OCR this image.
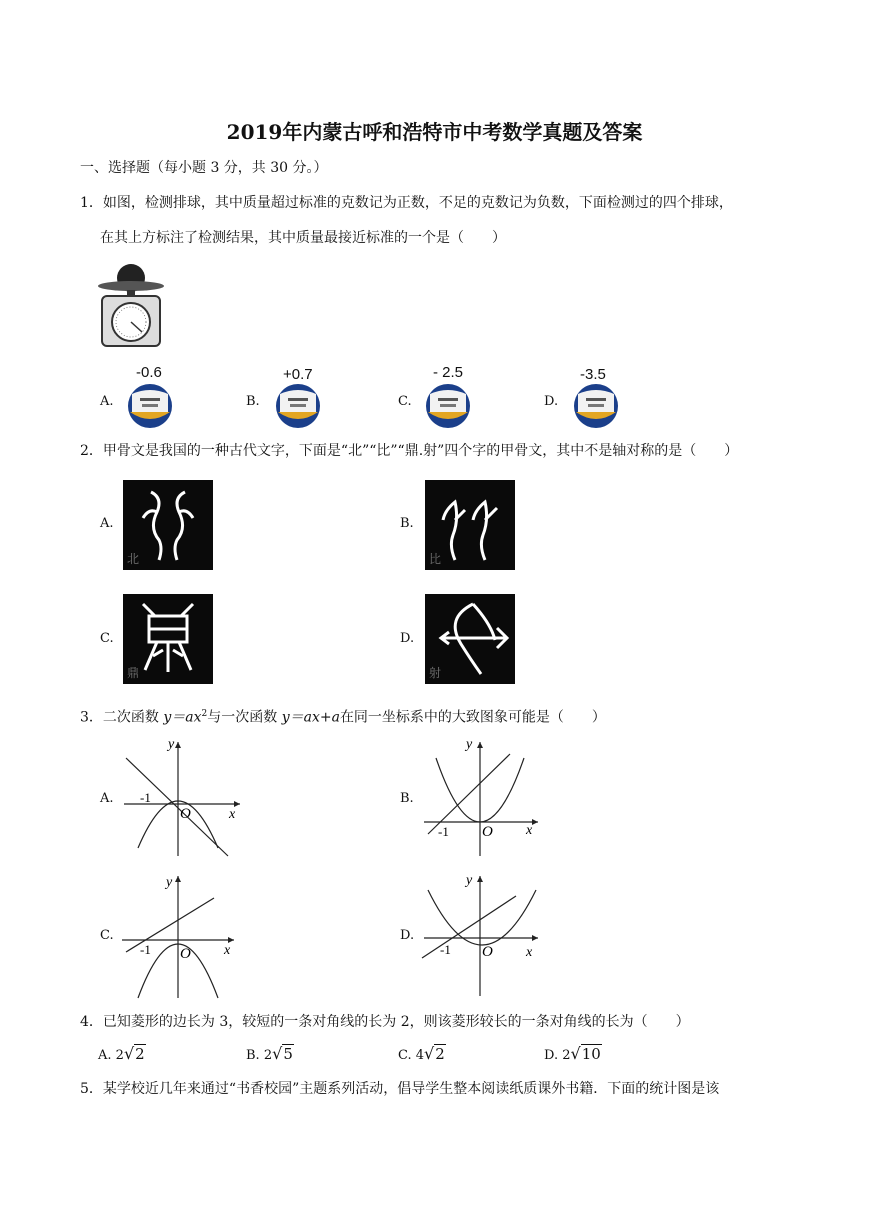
2019年内蒙古呼和浩特市中考数学真题及答案
一、选择题（每小题 3 分，共 30 分。）
1．如图，检测排球，其中质量超过标准的克数记为正数，不足的克数记为负数，下面检测过的四个排球，
在其上方标注了检测结果，其中质量最接近标准的一个是（　　）
A.	B.	C.	D.
-0.6	+0.7	- 2.5	-3.5
2．甲骨文是我国的一种古代文字，下面是“北”“比”“鼎.射”四个字的甲骨文，其中不是轴对称的是（　　）
A.	B.
C.	D.
北	比
鼎	射
3．二次函数 $y=ax^2$与一次函数 y＝ax+a在同一坐标系中的大致图象可能是（　　）
A.	B.
C.	D.
y
x
O
-1
y
x
O
-1
y
x
O
-1
y
x
O
-1
4．已知菱形的边长为 3，较短的一条对角线的长为 2，则该菱形较长的一条对角线的长为（　　）
A.
2 √ 2	B.
2 √ 5	C.
4 √ 2	D.
2 √ 10
5．某学校近几年来通过“书香校园”主题系列活动，倡导学生整本阅读纸质课外书籍．下面的统计图是该
